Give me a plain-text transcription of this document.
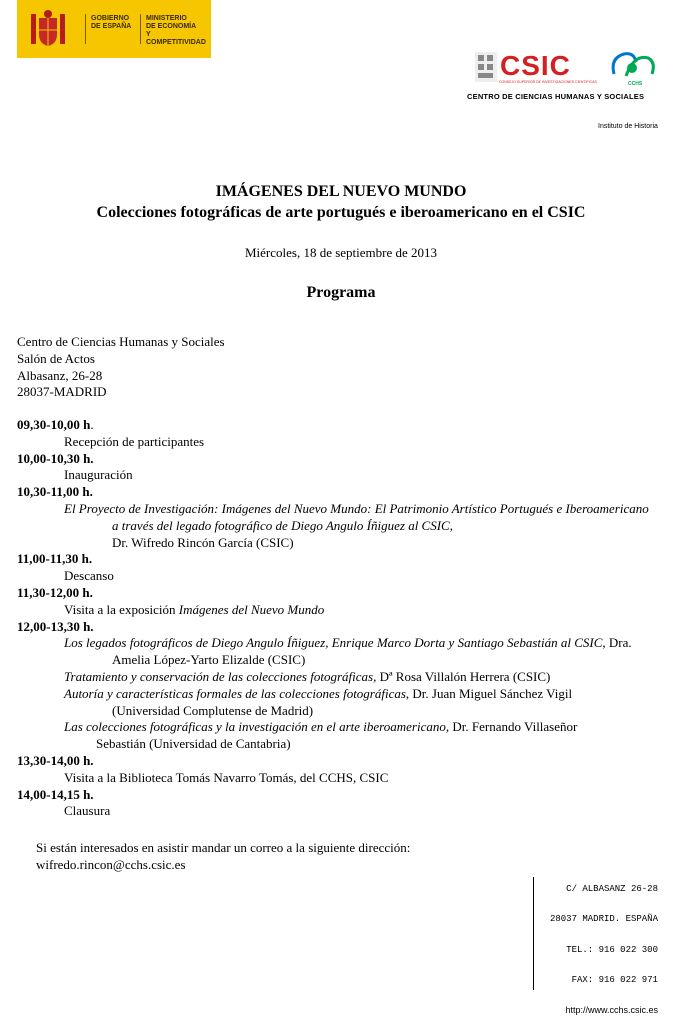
GOBIERNO
DE ESPAÑA
MINISTERIO
DE ECONOMÍA
Y COMPETITIVIDAD
CSIC
CONSEJO SUPERIOR DE INVESTIGACIONES CIENTÍFICAS	CCHS
CENTRO DE CIENCIAS HUMANAS Y SOCIALES
Instituto de Historia
IMÁGENES DEL NUEVO MUNDO
Colecciones fotográficas de arte portugués e iberoamericano en el CSIC
Miércoles, 18 de septiembre de 2013
Programa
Centro de Ciencias Humanas y Sociales
Salón de Actos
Albasanz, 26-28
28037-MADRID
09,30-10,00 h.
Recepción de participantes
10,00-10,30 h.
Inauguración
10,30-11,00 h.
El Proyecto de Investigación: Imágenes del Nuevo Mundo: El Patrimonio Artístico Portugués e Iberoamericano a través del legado fotográfico de Diego Angulo Íñiguez al CSIC,
Dr. Wifredo Rincón García (CSIC)
11,00-11,30 h.
Descanso
11,30-12,00 h.
Visita a la exposición Imágenes del Nuevo Mundo
12,00-13,30 h.
Los legados fotográficos de Diego Angulo Íñiguez, Enrique Marco Dorta y Santiago Sebastián al CSIC, Dra. Amelia López-Yarto Elizalde (CSIC)
Tratamiento y conservación de las colecciones fotográficas, Dª Rosa Villalón Herrera (CSIC)
Autoría y características formales de las colecciones fotográficas, Dr. Juan Miguel Sánchez Vigil
(Universidad Complutense de Madrid)
Las colecciones fotográficas y la investigación en el arte iberoamericano, Dr. Fernando Villaseñor
Sebastián (Universidad de Cantabria)
13,30-14,00 h.
Visita a la Biblioteca Tomás Navarro Tomás, del CCHS, CSIC
14,00-14,15 h.
Clausura
Si están interesados en asistir mandar un correo a la siguiente dirección:
wifredo.rincon@cchs.csic.es
C/ ALBASANZ 26-28
28037 MADRID. ESPAÑA
TEL.: 916 022 300
FAX: 916 022 971
http://www.cchs.csic.es
